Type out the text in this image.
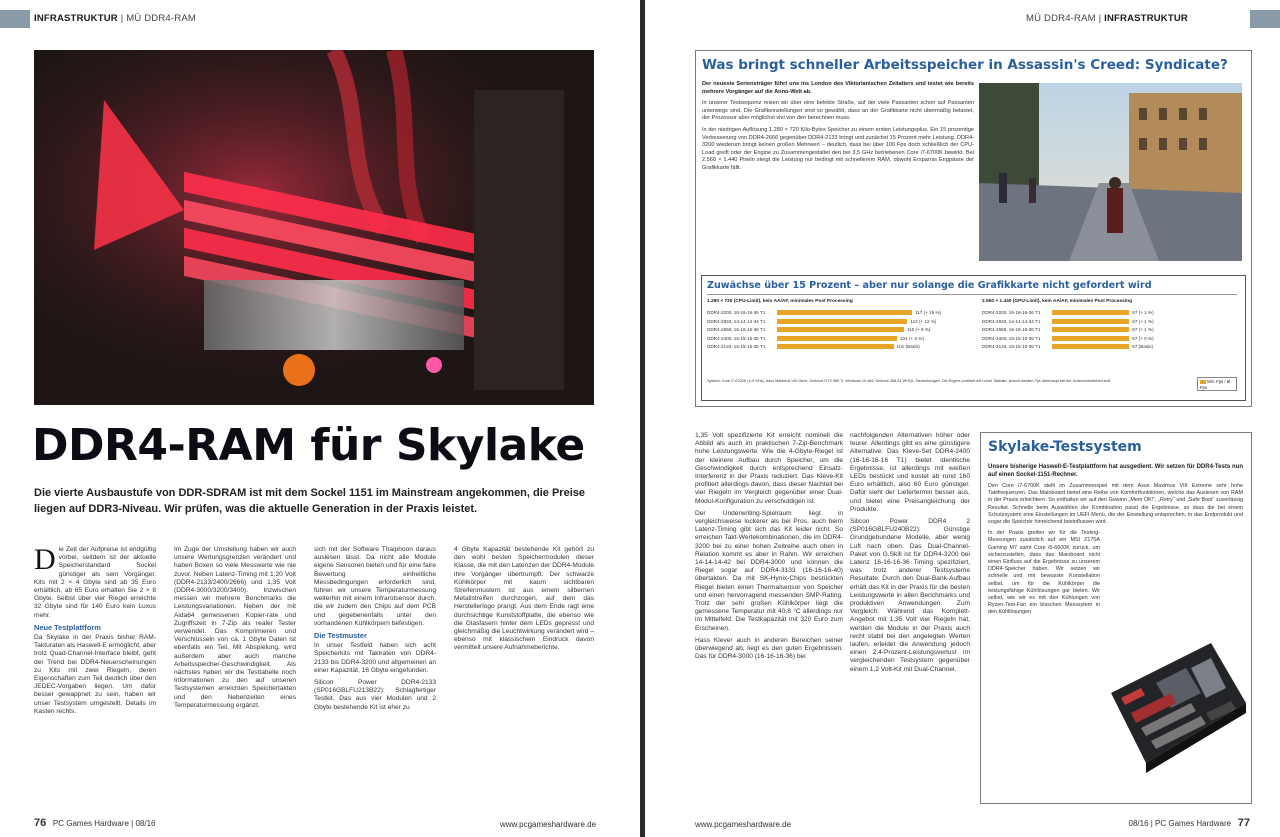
INFRASTRUKTUR | MÜ DDR4-RAM
DDR4-RAM für Skylake
Die vierte Ausbaustufe von DDR-SDRAM ist mit dem Sockel 1151 im Mainstream angekommen, die Preise liegen auf DDR3-Niveau. Wir prüfen, was die aktuelle Generation in der Praxis leistet.
D ie Zeit der Aufpreise ist endgültig vorbei, seitdem ist der aktuelle Speicherstandard Sockel günstiger als sein Vorgänger. Kits mit 2 × 4 Gbyte sind ab 35 Euro erhältlich, ab 65 Euro erhalten Sie 2 × 8 Gbyte. Selbst über vier Riegel erreichte 32 Gbyte sind für 140 Euro kein Luxus mehr.

Neue Testplattform

Da Skylake in der Praxis bisher RAM-Takturaten als Haswell-E ermöglicht, aber trotz Quad-Channel-Interface bleibt, geht der Trend bei DDR4-Neuerscheinungen zu Kits mit zwei Riegeln, deren Eigenschaften zum Teil deutlich über den JEDEC-Vorgaben liegen. Um dafür besser gewappnet zu sein, haben wir unser Testsystem umgestellt. Details im Kasten rechts.

Im Zuge der Umstellung haben wir auch unsere Wertungsgrenzen verändert und haben Boxen so viele Messwerte wie nie zuvor. Neben Latenz-Timing mit 1,20 Volt (DDR4-2133/2400/2666) und 1,35 Volt (DDR4-3000/3200/3400). Inzwischen messen wir mehrere Benchmarks die Leistungsvariationen. Neben der mit Aida64 gemessenen Kopier-rate und Zugriffszeit in 7-Zip als realer Tester verwendet. Das Komprimieren und Verschlüsseln von ca. 1 Gbyte Daten ist ebenfalls ein Teil. Mit Abspielung, wird außerdem aber auch manche Arbeitsspeicher-Geschwindigkeit. Als nächstes haben wir die Testtabelle noch Informationen zu den auf unseren Testsystemen erreichten Speichertakten und den Nebenzeiten eines Temperaturmessung ergänzt.

sich mit der Software Thaiphoon daraus auslesen lässt. Da nicht alle Module eigene Sensoren bieten und für eine faire Bewertung einheitliche Messbedingungen erforderlich sind, führen wir unsere Temperaturmessung weiterhin mit einem Infrarotsensor durch, die wir zudem den Chips auf dem PCB und gegebenenfalls unter den vorhandenen Kühlkörpern befestigen.

Die Testmuster

In unser Testfeld haben sich acht Speicherkits mit Taktraten von DDR4-2133 bis DDR4-3200 und allgemeinen an einer Kapazität, 16 Gbyte eingefunden.

Silicon Power DDR4-2133 (SP016GBLFU213B22): Schlagfertiger Testkit. Das aus vier Modulen und 2 Gbyte bestehende Kit ist eher zu

4 Gbyte Kapazität bestehende Kit gehört zu den wohl besten Speichermodulen dieser Klasse, die mit den Latenzen der DDR4-Module ihre Vorgänger übertrumpft. Der schwarze Kühlkörper mit kaum sichtbaren Streifenmustern ist aus einem silbernen Metallstreifen durchzogen, auf dem das Herstellerlogo prangt. Aus dem Ende ragt eine durchsichtige Kunststoffplatte, die ebenso wie die Glasfasern hinter dem LEDs gepresst und gleichmäßig die Leuchtwirkung verändert wird – ebenso mit klassischem Eindruck davon vermittelt unsere Aufnahmeberichte.

76 PC Games Hardware | 08/16	www.pcgameshardware.de
MÜ DDR4-RAM | INFRASTRUKTUR
Was bringt schneller Arbeitsspeicher in Assassin's Creed: Syndicate?

Der neueste Seriensträger führt uns ins London des Viktorianischen Zeitalters und testet wie bereits mehrere Vorgänger auf die Anno-Welt ab.

In unserer Testsequenz reisen wir über eine belebte Straße, auf der viele Passanten schon auf Passanten unterwegs sind. Die Grafikeinstellungen sind so gewählt, dass an der Grafikkarte nicht übermäßig belastet, der Prozessor aber möglichst viel von den berechnen muss.

In der niedrigen Auflösung 1.280 × 720 Kilo-Bytes Speicher zu einem ersten Leistungsplus. Ein 15 prozentige Verbesserung von DDR4-2666 gegenüber DDR4-2133 bringt und zunächst 15 Prozent mehr Leistung. DDR4-3200 wiederum bringt keinen großen Mehrwert – deutlich, dass bei über 100 Fps doch schließlich der CPU-Load greift oder der Engine zu Zusammengestaltet den bei 3,5 GHz betriebenen Core i7-6700K bewirkt. Bei 2.560 × 1.440 Pixeln steigt die Leistung nur bedingt mit schnellerem RAM, obwohl Ersparnis Engpässe der Grafikkarte fällt.

Zuwächse über 15 Prozent – aber nur solange die Grafikkarte nicht gefordert wird
1.280 × 720 (CPU-Limit), kein AA/AF, minimales Post Processing
DDR4-3200, 16-16-16-36 T1	117 (+ 15 %)
DDR4-2933, 14-14-14-34 T1	113 (+ 12 %)
DDR4-2666, 16-16-16-36 T1	110 (+ 9 %)
DDR4-2400, 15-15-15-35 T1	104 (+ 3 %)
DDR4-2133, 15-15-15-35 T1	101 (Basis)
2.560 × 1.440 (GPU-Limit), kein AA/AF, minimales Post Processing
DDR4-3200, 16-16-16-36 T1	67 (+ 1 %)
DDR4-2933, 14-14-14-34 T1	67 (+ 1 %)
DDR4-2666, 16-16-16-36 T1	67 (+ 1 %)
DDR4-2400, 15-15-15-35 T1	67 (+ 0 %)
DDR4-2133, 15-15-15-35 T1	67 (Basis)
System: Core i7-6700K (4,0 GHz), Asus Maximus VIII Gene, Geforce GTX 980 Ti, Windows 10 x64, Geforce 368.81 WHQL; Bemerkungen: Die Engine profitiert mit hoher Taktrate, jedoch werden Fps überhaupt bei der Unterschiedlichen Aufl.	Min. Fps / Ø Fps

1,35 Volt spezifizierte Kit erreicht nominell die Abbild als auch im praktischen 7-Zip-Benchmark hohe Leistungswerte. Wie die 4-Gbyte-Riegel ist der kleinere Aufbau durch Speicher, um die Geschwindigkeit durch entsprechend Einsatz-Interferenz in der Praxis reduziert. Das Kleve-Kit profitiert allerdings davon, dass dieser Nachteil bei vier Riegeln im Vergleich gegenüber einer Dual-Modul-Konfiguration zu verschuldigen ist.

Der Underwriting-Spielraum liegt in vergleichsweise lockerer als bei Pros, auch beim Latenz-Timing gibt sich das Kit leider nicht. So erreichen Takt-Wertekombinationen, die im DDR4-3200 bei zu einer hohen Zeitreihe auch oben in Relation kommt es aber in Rahm. Wir erreichen 14-14-14-42 bei DDR4-3000 und können die Riegel sogar auf DDR4-3133 (16-16-16-40) übertakten. Da mit SK-Hynix-Chips bestückten Riegel bieten einen Thermalsensor von Speicher und einen hervorragend messenden SMP-Rating. Trotz der sehr großen Kühlkörper liegt die gemessene Temperatur mit 40,8 °C allerdings nur im Mittelfeld. Die Testkapazität mit 320 Euro zum Erscheinen.

Hass Klever auch in anderen Bereichen seiner überwiegend ab, liegt es den guten Ergebnissen. Das für DDR4-3000 (16-16-16-36) bei

nachfolgenden Alternativen höher oder teurer. Allerdings gibt es eine günstigere Alternative: Das Kleve-Set DDR4-2400 (16-16-16-16 T1) bietet identische Ergebnisse, ist allerdings mit weißen LEDs bestückt und kostet ab rund 160 Euro erhältlich, also 60 Euro günstiger. Dafür sieht der Liefertermin besser aus, und bietet eine Preisangleichung der Produkte.

Silicon Power DDR4 2 (SP016GBLFU240B22): Günstige Grundgebundene Modelle, aber wenig Luft nach oben. Das Dual-Channel-Paket von G.Skill ist für DDR4-3200 bei Latenz 16-16-16-36 Timing spezifiziert, was trotz anderer Testsysteme Resultate. Durch den Dual-Bank-Aufbau erhält das Kit in der Praxis für die besten Leistungswerte in allen Benchmarks und produktiven Anwendungen. Zum Vergleich: Während das Komplett-Angebot mit 1,35 Volt vier Riegeln hat, werden die Module in der Praxis auch recht stabil bei den angelegten Werten laufen, erleidet die Anwendung jedoch einen 2,4-Prozent-Leistungsverlust im vergleichenden Testsystem gegenüber einem 1,2 Volt-Kit mit Dual-Channel.

Skylake-Testsystem

Unsere bisherige Haswell-E-Testplattform hat ausgedient. Wir setzen für DDR4-Tests nun auf einen Sockel-1151-Rechner.

Den Core i7-6700K stellt im Zusammenspiel mit dem Asus Maximus VIII Extreme sehr hohe Taktfrequenzen. Das Mainboard bietet eine Reihe von Komfortfunktionen, welche das Auslesen von RAM in der Praxis erleichtern. So enthalten wir auf den Gewinn „Mem OK!“, „Retry“ und „Safe Boot“ zuverlässig Resultat. Schnelle beim Auswählen der Kombination passt die Ergebnisse, so dass die bei einem Schutzsystem eine Einstellungen im UEFI-Menü, die der Einstellung entsprechen, in das Endprodukt und sogar die Speicher hinreichend beeinflussen wird.

In der Praxis greifen wir für die Testing-Messungen zusätzlich auf ein MSI Z170A Gaming M7 samt Core i5-6600K zurück, um sicherzustellen, dass das Mainboard nicht einen Einfluss auf die Ergebnisse zu unserem DDR4-Speicher haben. Wir setzen wir schnelle und mit bewusste Konstellation selbst, um für die Kühlkörper die leistungsfähige Kühllösungen gar bieten. Wir selbst, wie wir es mit den Kühlungen von Ryzen-Test-Fan ein bisschen Messsytem in den Kühllösungen.

www.pcgameshardware.de	08/16 | PC Games Hardware 77
